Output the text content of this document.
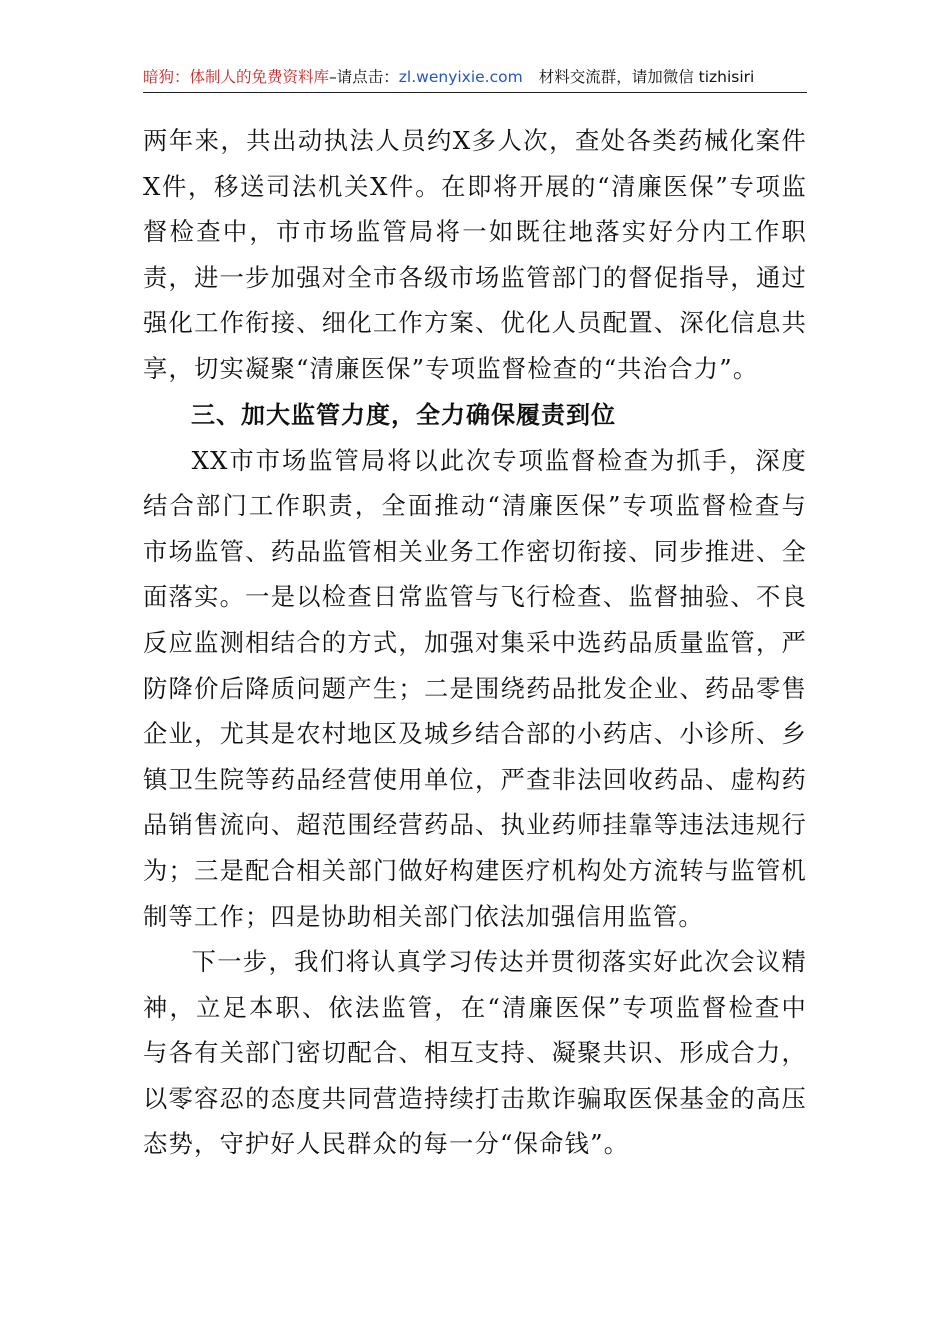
暗狗：体制人的免费资料库–请点击：zl.wenyixie.com 材料交流群，请加微信 tizhisiri

两年来，共出动执法人员约X多人次，查处各类药械化案件X件，移送司法机关X件。在即将开展的“清廉医保”专项监督检查中，市市场监管局将一如既往地落实好分内工作职责，进一步加强对全市各级市场监管部门的督促指导，通过强化工作衔接、细化工作方案、优化人员配置、深化信息共享，切实凝聚“清廉医保”专项监督检查的“共治合力”。

三、加大监管力度，全力确保履责到位

XX市市场监管局将以此次专项监督检查为抓手，深度结合部门工作职责，全面推动“清廉医保”专项监督检查与市场监管、药品监管相关业务工作密切衔接、同步推进、全面落实。一是以检查日常监管与飞行检查、监督抽验、不良反应监测相结合的方式，加强对集采中选药品质量监管，严防降价后降质问题产生；二是围绕药品批发企业、药品零售企业，尤其是农村地区及城乡结合部的小药店、小诊所、乡镇卫生院等药品经营使用单位，严查非法回收药品、虚构药品销售流向、超范围经营药品、执业药师挂靠等违法违规行为；三是配合相关部门做好构建医疗机构处方流转与监管机制等工作；四是协助相关部门依法加强信用监管。

下一步，我们将认真学习传达并贯彻落实好此次会议精神，立足本职、依法监管，在“清廉医保”专项监督检查中与各有关部门密切配合、相互支持、凝聚共识、形成合力，以零容忍的态度共同营造持续打击欺诈骗取医保基金的高压态势，守护好人民群众的每一分“保命钱”。
